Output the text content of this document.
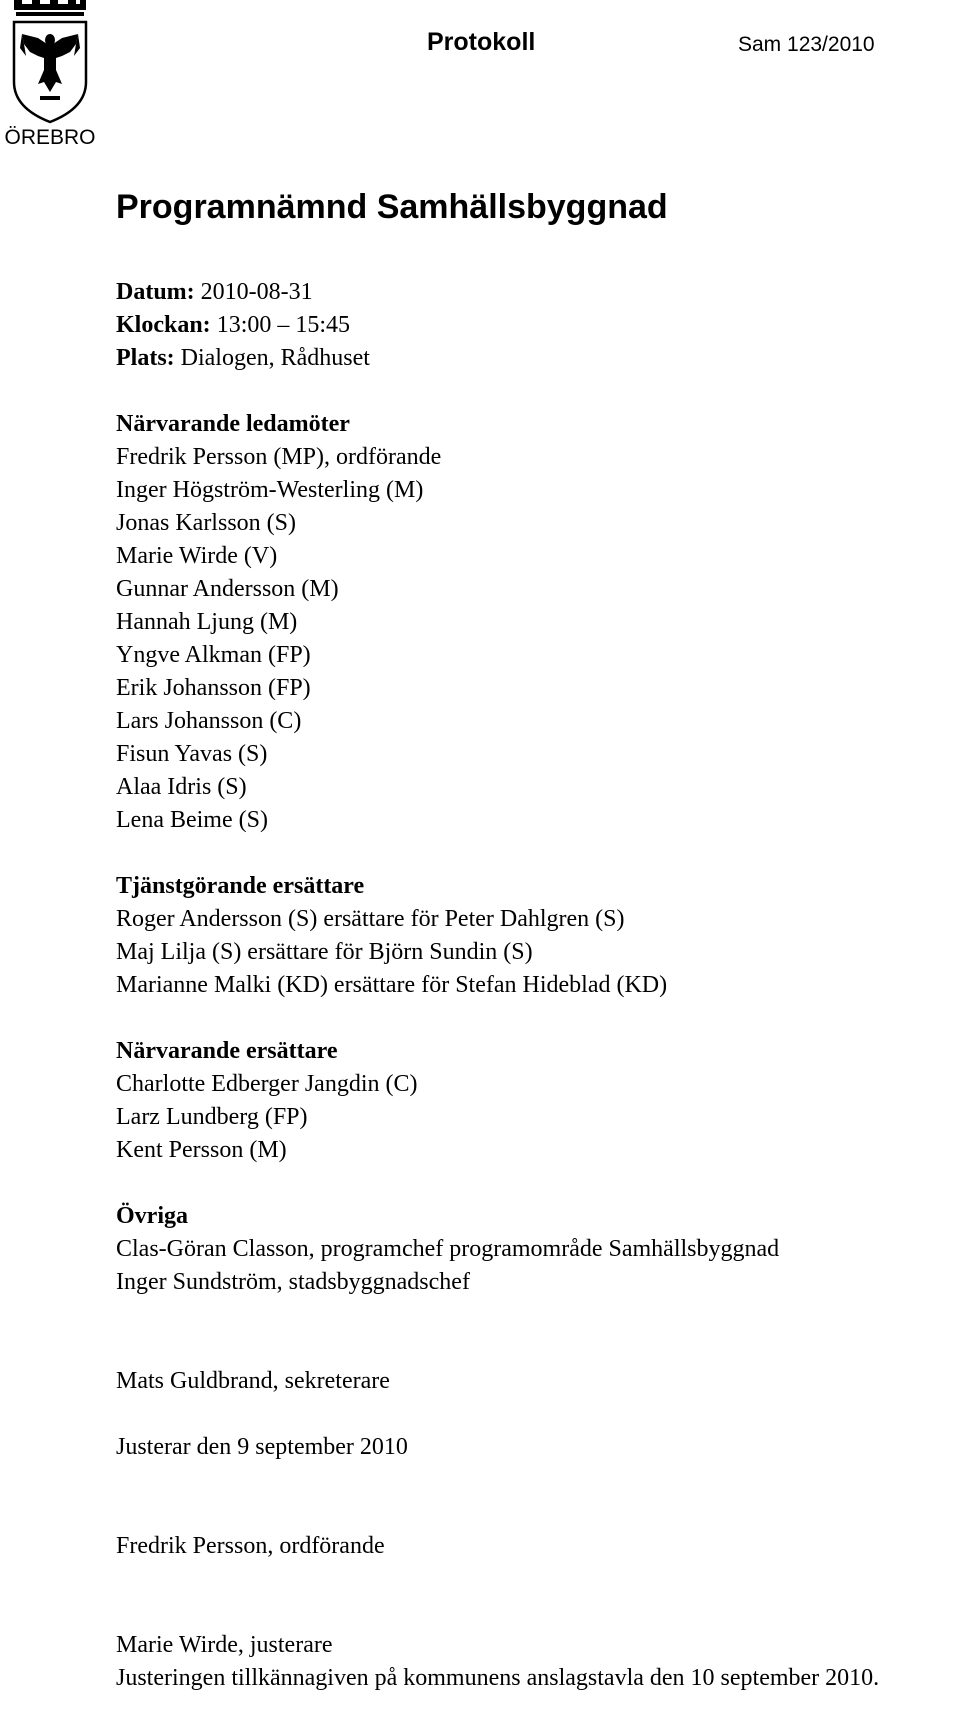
ÖREBRO
Protokoll	Sam 123/2010
Programnämnd Samhällsbyggnad
Datum: 2010-08-31
Klockan: 13:00 – 15:45
Plats: Dialogen, Rådhuset
Närvarande ledamöter
Fredrik Persson (MP), ordförande
Inger Högström-Westerling (M)
Jonas Karlsson (S)
Marie Wirde (V)
Gunnar Andersson (M)
Hannah Ljung (M)
Yngve Alkman (FP)
Erik Johansson (FP)
Lars Johansson (C)
Fisun Yavas (S)
Alaa Idris (S)
Lena Beime (S)
Tjänstgörande ersättare
Roger Andersson (S) ersättare för Peter Dahlgren (S)
Maj Lilja (S) ersättare för Björn Sundin (S)
Marianne Malki (KD) ersättare för Stefan Hideblad (KD)
Närvarande ersättare
Charlotte Edberger Jangdin (C)
Larz Lundberg (FP)
Kent Persson (M)
Övriga
Clas-Göran Classon, programchef programområde Samhällsbyggnad
Inger Sundström, stadsbyggnadschef
Mats Guldbrand, sekreterare
Justerar den 9 september 2010
Fredrik Persson, ordförande
Marie Wirde, justerare
Justeringen tillkännagiven på kommunens anslagstavla den 10 september 2010.
